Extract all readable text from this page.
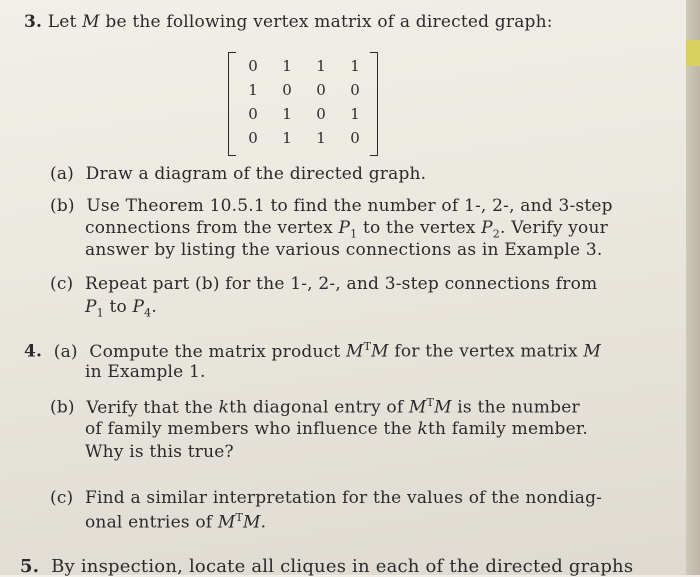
3. Let M be the following vertex matrix of a directed graph:
0 1 1 1
1 0 0 0
0 1 0 1
0 1 1 0
(a) Draw a diagram of the directed graph.
(b) Use Theorem 10.5.1 to find the number of 1-, 2-, and 3-step
connections from the vertex $P_1$ to the vertex $P_2$. Verify your
answer by listing the various connections as in Example 3.
(c) Repeat part (b) for the 1-, 2-, and 3-step connections from
$P_1$ to $P_4$.
4. (a) Compute the matrix product $M^TM$ for the vertex matrix M
in Example 1.
(b) Verify that the kth diagonal entry of $M^TM$ is the number
of family members who influence the kth family member.
Why is this true?
(c) Find a similar interpretation for the values of the nondiag-
onal entries of $M^TM$.
5. By inspection, locate all cliques in each of the directed graphs
